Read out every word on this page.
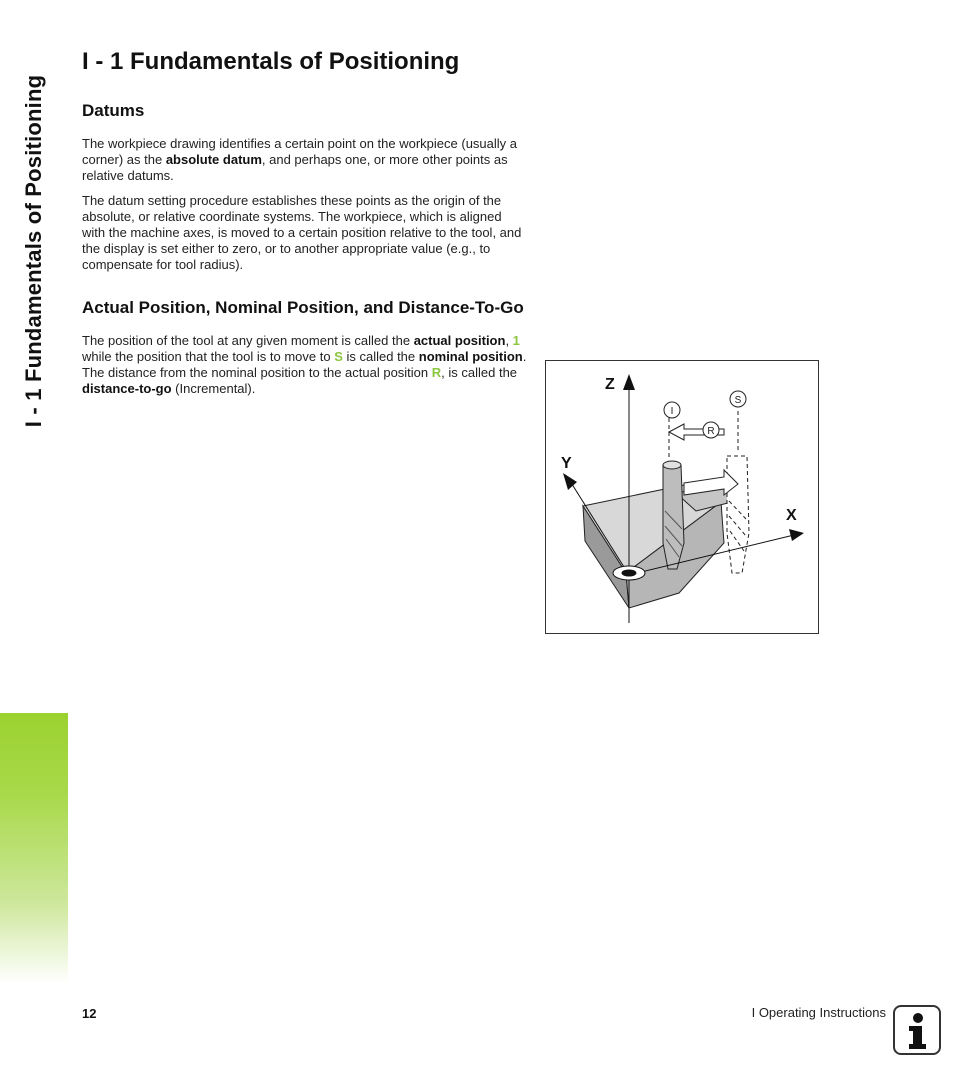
I - 1 Fundamentals of Positioning
I - 1 Fundamentals of Positioning
Datums

The workpiece drawing identifies a certain point on the workpiece (usually a corner) as the absolute datum, and perhaps one, or more other points as relative datums.

The datum setting procedure establishes these points as the origin of the absolute, or relative coordinate systems. The workpiece, which is aligned with the machine axes, is moved to a certain position relative to the tool, and the display is set either to zero, or to another appropriate value (e.g., to compensate for tool radius).

Actual Position, Nominal Position, and Distance-To-Go

The position of the tool at any given moment is called the actual position, 1 while the position that the tool is to move to S is called the nominal position. The distance from the nominal position to the actual position R, is called the distance-to-go (Incremental).	Z
Y
X
I
S
R
12	I Operating Instructions
